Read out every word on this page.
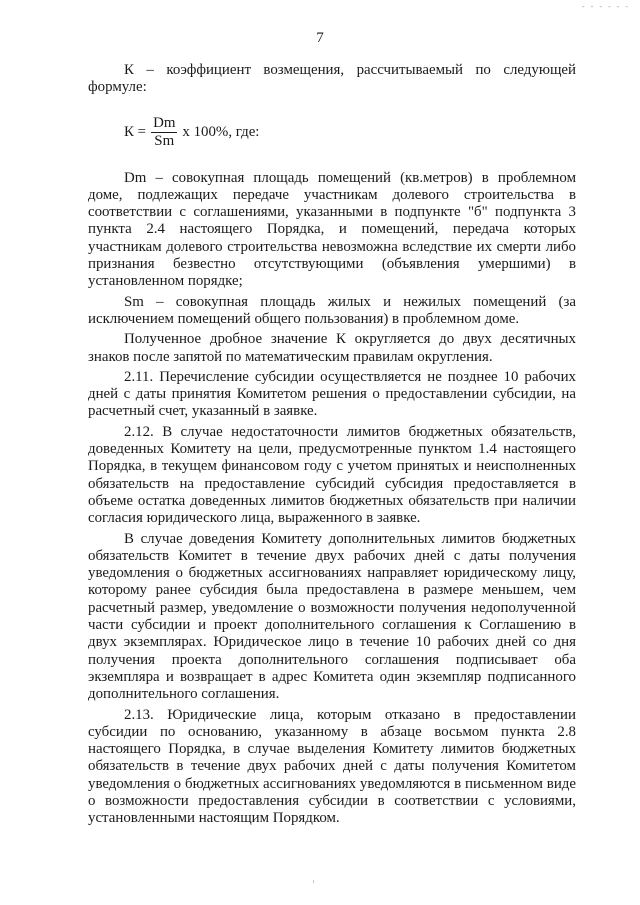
- - - - - -
7

К – коэффициент возмещения, рассчитываемый по следующей формуле:

$К = \frac{Dm}{Sm}$ х 100%, где:

Dm – совокупная площадь помещений (кв.метров) в проблемном доме, подлежащих передаче участникам долевого строительства в соответствии с соглашениями, указанными в подпункте "б" подпункта 3 пункта 2.4 настоящего Порядка, и помещений, передача которых участникам долевого строительства невозможна вследствие их смерти либо признания безвестно отсутствующими (объявления умершими) в установленном порядке;

Sm – совокупная площадь жилых и нежилых помещений (за исключением помещений общего пользования) в проблемном доме.

Полученное дробное значение К округляется до двух десятичных знаков после запятой по математическим правилам округления.

2.11. Перечисление субсидии осуществляется не позднее 10 рабочих дней с даты принятия Комитетом решения о предоставлении субсидии, на расчетный счет, указанный в заявке.

2.12. В случае недостаточности лимитов бюджетных обязательств, доведенных Комитету на цели, предусмотренные пунктом 1.4 настоящего Порядка, в текущем финансовом году с учетом принятых и неисполненных обязательств на предоставление субсидий субсидия предоставляется в объеме остатка доведенных лимитов бюджетных обязательств при наличии согласия юридического лица, выраженного в заявке.

В случае доведения Комитету дополнительных лимитов бюджетных обязательств Комитет в течение двух рабочих дней с даты получения уведомления о бюджетных ассигнованиях направляет юридическому лицу, которому ранее субсидия была предоставлена в размере меньшем, чем расчетный размер, уведомление о возможности получения недополученной части субсидии и проект дополнительного соглашения к Соглашению в двух экземплярах. Юридическое лицо в течение 10 рабочих дней со дня получения проекта дополнительного соглашения подписывает оба экземпляра и возвращает в адрес Комитета один экземпляр подписанного дополнительного соглашения.

2.13. Юридические лица, которым отказано в предоставлении субсидии по основанию, указанному в абзаце восьмом пункта 2.8 настоящего Порядка, в случае выделения Комитету лимитов бюджетных обязательств в течение двух рабочих дней с даты получения Комитетом уведомления о бюджетных ассигнованиях уведомляются в письменном виде о возможности предоставления субсидии в соответствии с условиями, установленными настоящим Порядком.
